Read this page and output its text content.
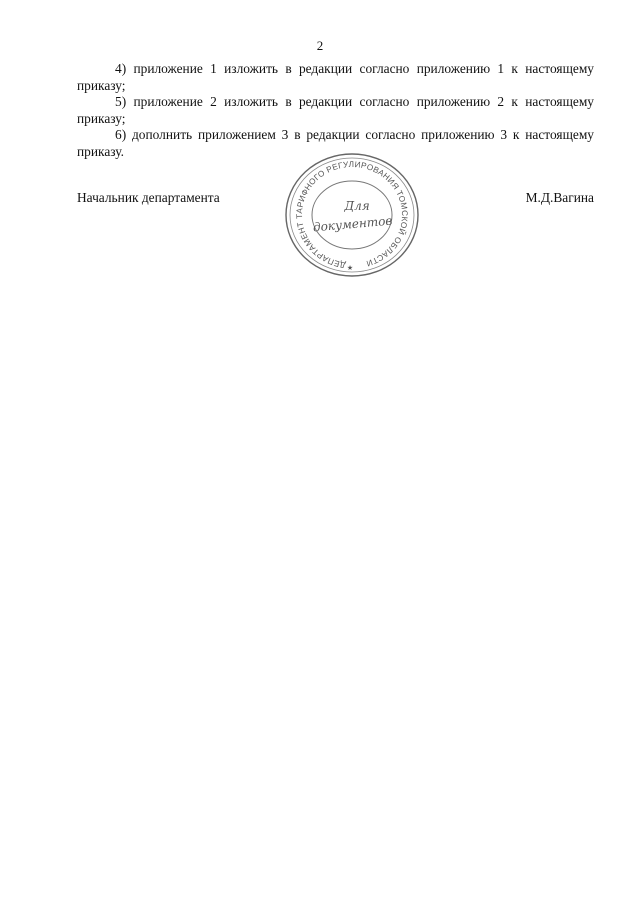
2

4) приложение 1 изложить в редакции согласно приложению 1 к настоящему приказу;

5) приложение 2 изложить в редакции согласно приложению 2 к настоящему приказу;

6) дополнить приложением 3 в редакции согласно приложению 3 к настоящему приказу.

ДЕПАРТАМЕНТ ТАРИФНОГО РЕГУЛИРОВАНИЯ ТОМСКОЙ ОБЛАСТИ
Для
документов
★
Начальник департамента	М.Д.Вагина
